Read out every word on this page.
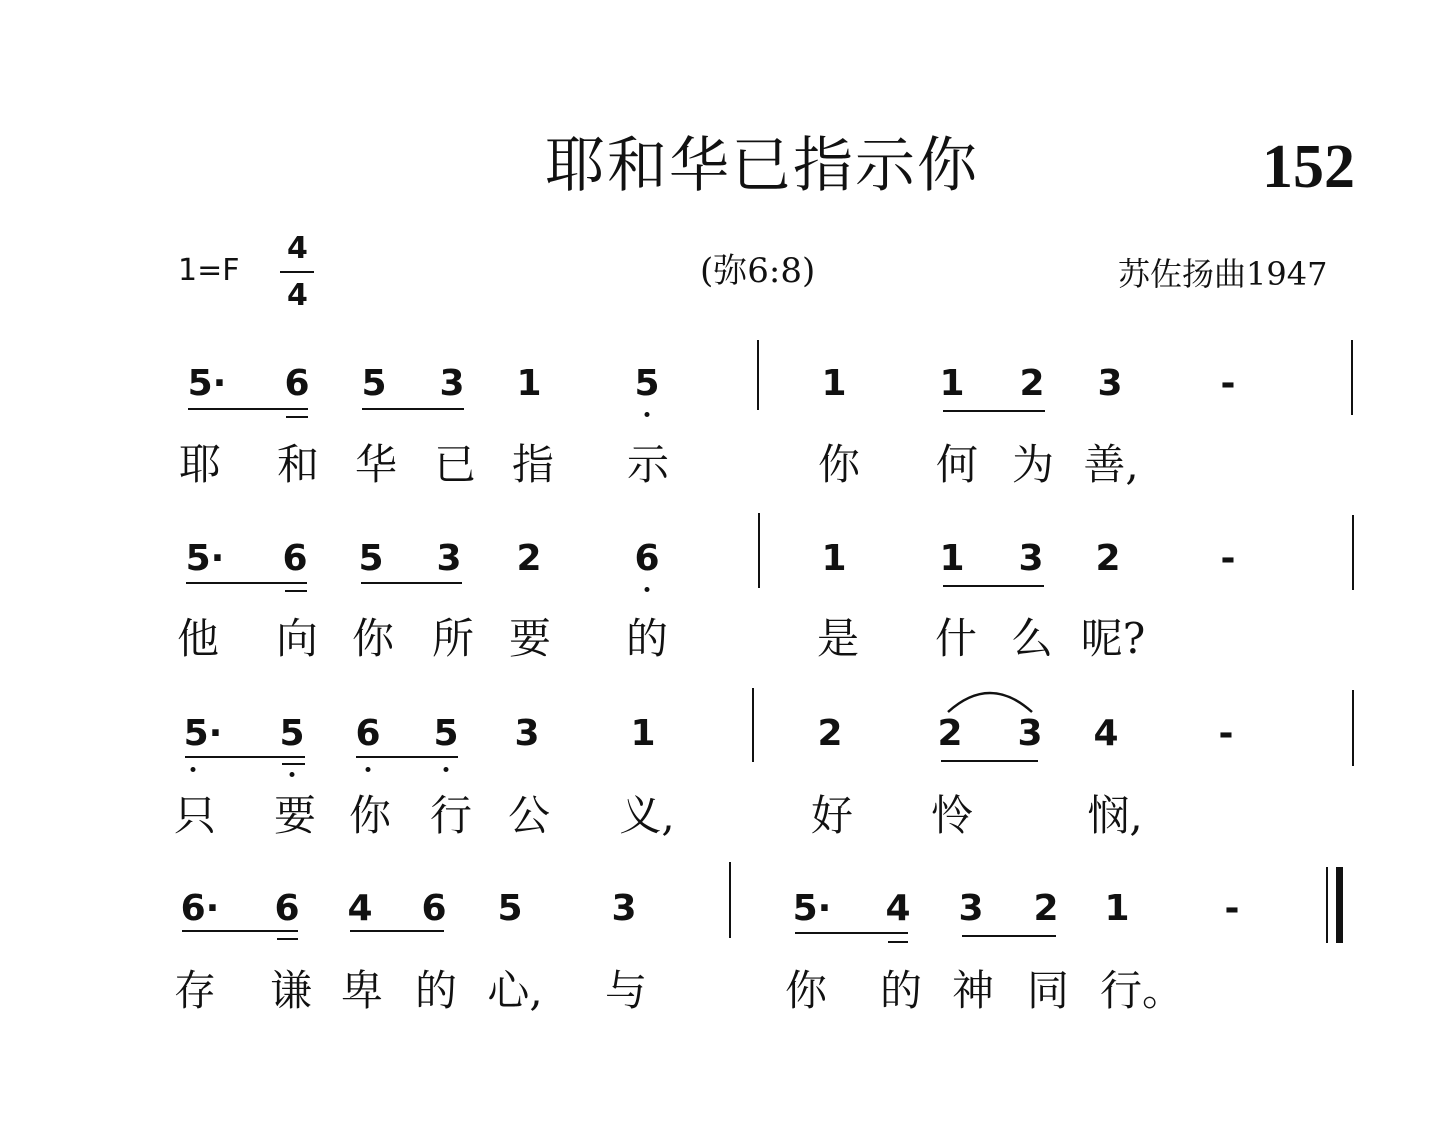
耶和华已指示你	152
1=F
4
4
(弥6:8)	苏佐扬曲1947
5· 6 5 3 1	5	1	1 2 3	-
耶 和 华 已 指 示	你 何 为 善,
5· 6 5 3 2	6	1	1 3 2	-
他 向 你 所 要 的	是 什 么 呢?
5· 5 6 5 3	1	2	2 3 4	-
只 要 你 行 公 义,	好 怜	悯,
6· 6 4 6 5 3	5· 4 3 2 1	-
存 谦 卑 的 心, 与	你 的 神 同 行。
